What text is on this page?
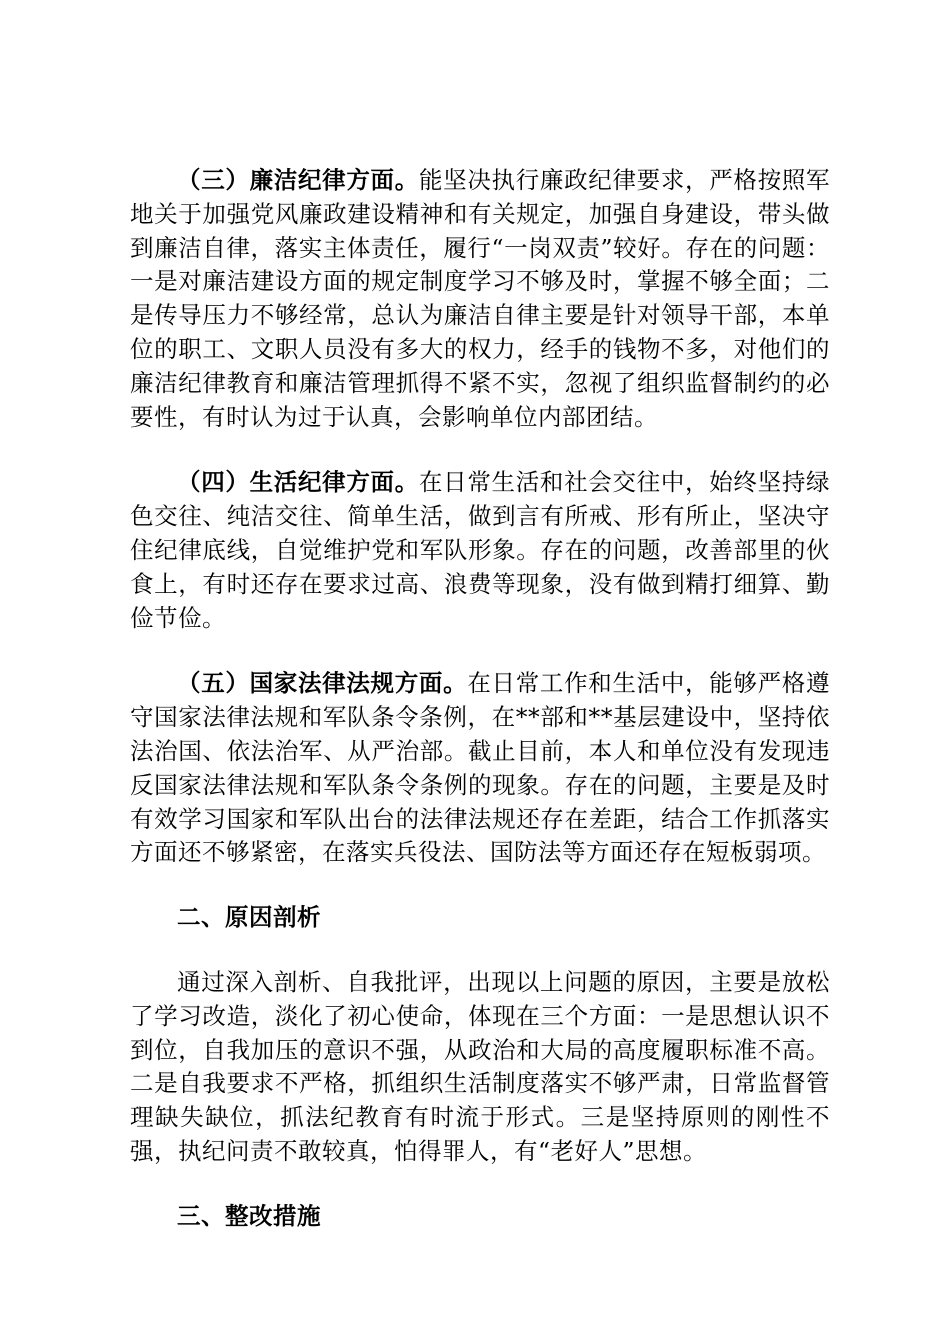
（三）廉洁纪律方面。能坚决执行廉政纪律要求，严格按照军地关于加强党风廉政建设精神和有关规定，加强自身建设，带头做到廉洁自律，落实主体责任，履行“一岗双责”较好。存在的问题：一是对廉洁建设方面的规定制度学习不够及时，掌握不够全面；二是传导压力不够经常，总认为廉洁自律主要是针对领导干部，本单位的职工、文职人员没有多大的权力，经手的钱物不多，对他们的廉洁纪律教育和廉洁管理抓得不紧不实，忽视了组织监督制约的必要性，有时认为过于认真，会影响单位内部团结。

（四）生活纪律方面。在日常生活和社会交往中，始终坚持绿色交往、纯洁交往、简单生活，做到言有所戒、形有所止，坚决守住纪律底线，自觉维护党和军队形象。存在的问题，改善部里的伙食上，有时还存在要求过高、浪费等现象，没有做到精打细算、勤俭节俭。

（五）国家法律法规方面。在日常工作和生活中，能够严格遵守国家法律法规和军队条令条例，在**部和**基层建设中，坚持依法治国、依法治军、从严治部。截止目前，本人和单位没有发现违反国家法律法规和军队条令条例的现象。存在的问题，主要是及时有效学习国家和军队出台的法律法规还存在差距，结合工作抓落实方面还不够紧密，在落实兵役法、国防法等方面还存在短板弱项。

二、原因剖析

通过深入剖析、自我批评，出现以上问题的原因，主要是放松了学习改造，淡化了初心使命，体现在三个方面：一是思想认识不到位，自我加压的意识不强，从政治和大局的高度履职标准不高。二是自我要求不严格，抓组织生活制度落实不够严肃，日常监督管理缺失缺位，抓法纪教育有时流于形式。三是坚持原则的刚性不强，执纪问责不敢较真，怕得罪人，有“老好人”思想。

三、整改措施
